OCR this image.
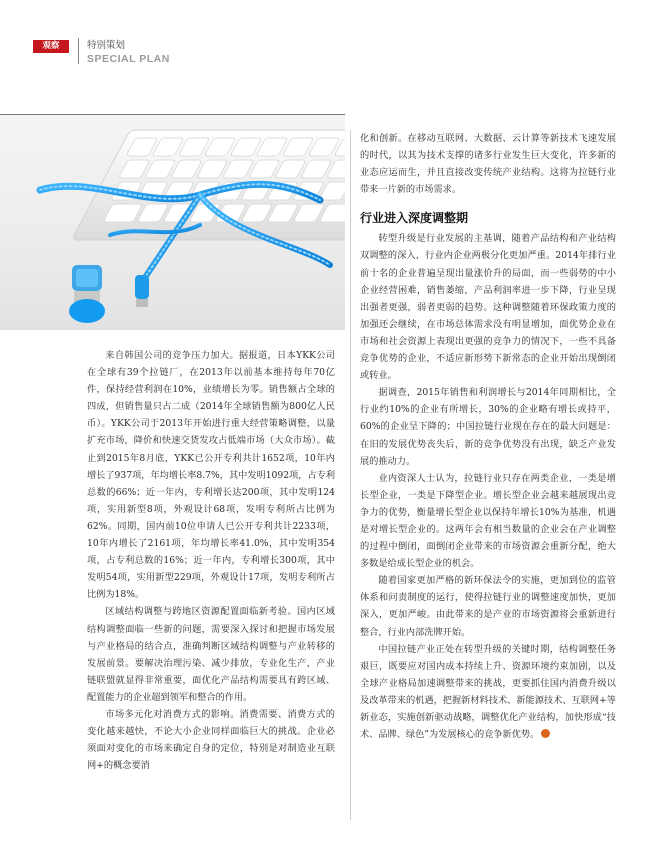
观察	特别策划
SPECIAL PLAN

来自韩国公司的竞争压力加大。据报道，日本YKK公司在全球有39个拉链厂，在2013年以前基本维持每年70亿件，保持经营利润在10%，业绩增长为零。销售额占全球的四成，但销售量只占二成（2014年全球销售额为800亿人民币）。YKK公司于2013年开始进行重大经营策略调整，以量扩充市场，降价和快速交货发攻占低端市场（大众市场）。截止到2015年8月底，YKK已公开专利共计1652项，10年内增长了937项，年均增长率8.7%，其中发明1092项，占专利总数的66%；近一年内，专利增长达200项，其中发明124项，实用新型8项，外观设计68项，发明专利所占比例为62%。同期，国内前10位申请人已公开专利共计2233项，10年内增长了2161项，年均增长率41.0%，其中发明354项，占专利总数的16%；近一年内，专利增长300项，其中发明54项，实用新型229项，外观设计17项，发明专利所占比例为18%。

区域结构调整与跨地区资源配置面临新考验。国内区域结构调整面临一些新的问题，需要深入探讨和把握市场发展与产业格局的结合点，准确判断区域结构调整与产业转移的发展前景。要解决治理污染、减少排放，专业化生产，产业链联盟就显得非常重要，面优化产品结构需要具有跨区域、配置能力的企业超到领军和整合的作用。

市场多元化对消费方式的影响。消费需要、消费方式的变化越来越快，不论大小企业同样面临巨大的挑战。企业必须面对变化的市场来确定自身的定位，特别是对制造业互联网+的概念要消

化和创新。在移动互联网、大数据、云计算等新技术飞速发展的时代，以其为技术支撑的诸多行业发生巨大变化，许多新的业态应运而生，并且直接改变传统产业结构。这将为拉链行业带来一片新的市场需求。

行业进入深度调整期

转型升级是行业发展的主基调，随着产品结构和产业结构双调整的深入，行业内企业两极分化更加严重。2014年排行业前十名的企业普遍呈现出量涨价升的局面，而一些弱势的中小企业经营困难，销售萎缩，产品利润率进一步下降，行业呈现出强者更强，弱者更弱的趋势。这种调整随着环保政策力度的加强还会继续，在市场总体需求没有明显增加，面优势企业在市场和社会资源上表现出更强的竞争力的情况下，一些不具备竞争优势的企业，不适应新形势下新常态的企业开始出现倒闭或转业。

据调查，2015年销售和利润增长与2014年同期相比，全行业约10%的企业有所增长，30%的企业略有增长或持平，60%的企业呈下降的；中国拉链行业现在存在的最大问题是：在旧的发展优势丧失后，新的竞争优势没有出现，缺乏产业发展的推动力。

业内资深人士认为，拉链行业只存在两类企业，一类是增长型企业，一类是下降型企业。增长型企业会越来越展现出竞争力的优势，衡量增长型企业以保持年增长10%为基准，机遇是对增长型企业的。这两年会有相当数量的企业会在产业调整的过程中倒闭，面倒闭企业带来的市场资源会重新分配，绝大多数是给成长型企业的机会。

随着国家更加严格的新环保法令的实施，更加到位的监管体系和问责制度的运行，使得拉链行业的调整速度加快，更加深入，更加严峻。由此带来的是产业的市场资源将会重新进行整合，行业内部洗牌开始。

中国拉链产业正处在转型升级的关键时期，结构调整任务艰巨，既要应对国内成本持续上升、资源环境约束加剧，以及全球产业格局加速调整带来的挑战，更要抓住国内消费升级以及改革带来的机遇，把握新材料技术、新能源技术、互联网+等新业态，实施创新驱动战略，调整优化产业结构，加快形成“技术、品牌、绿色”为发展核心的竞争新优势。
